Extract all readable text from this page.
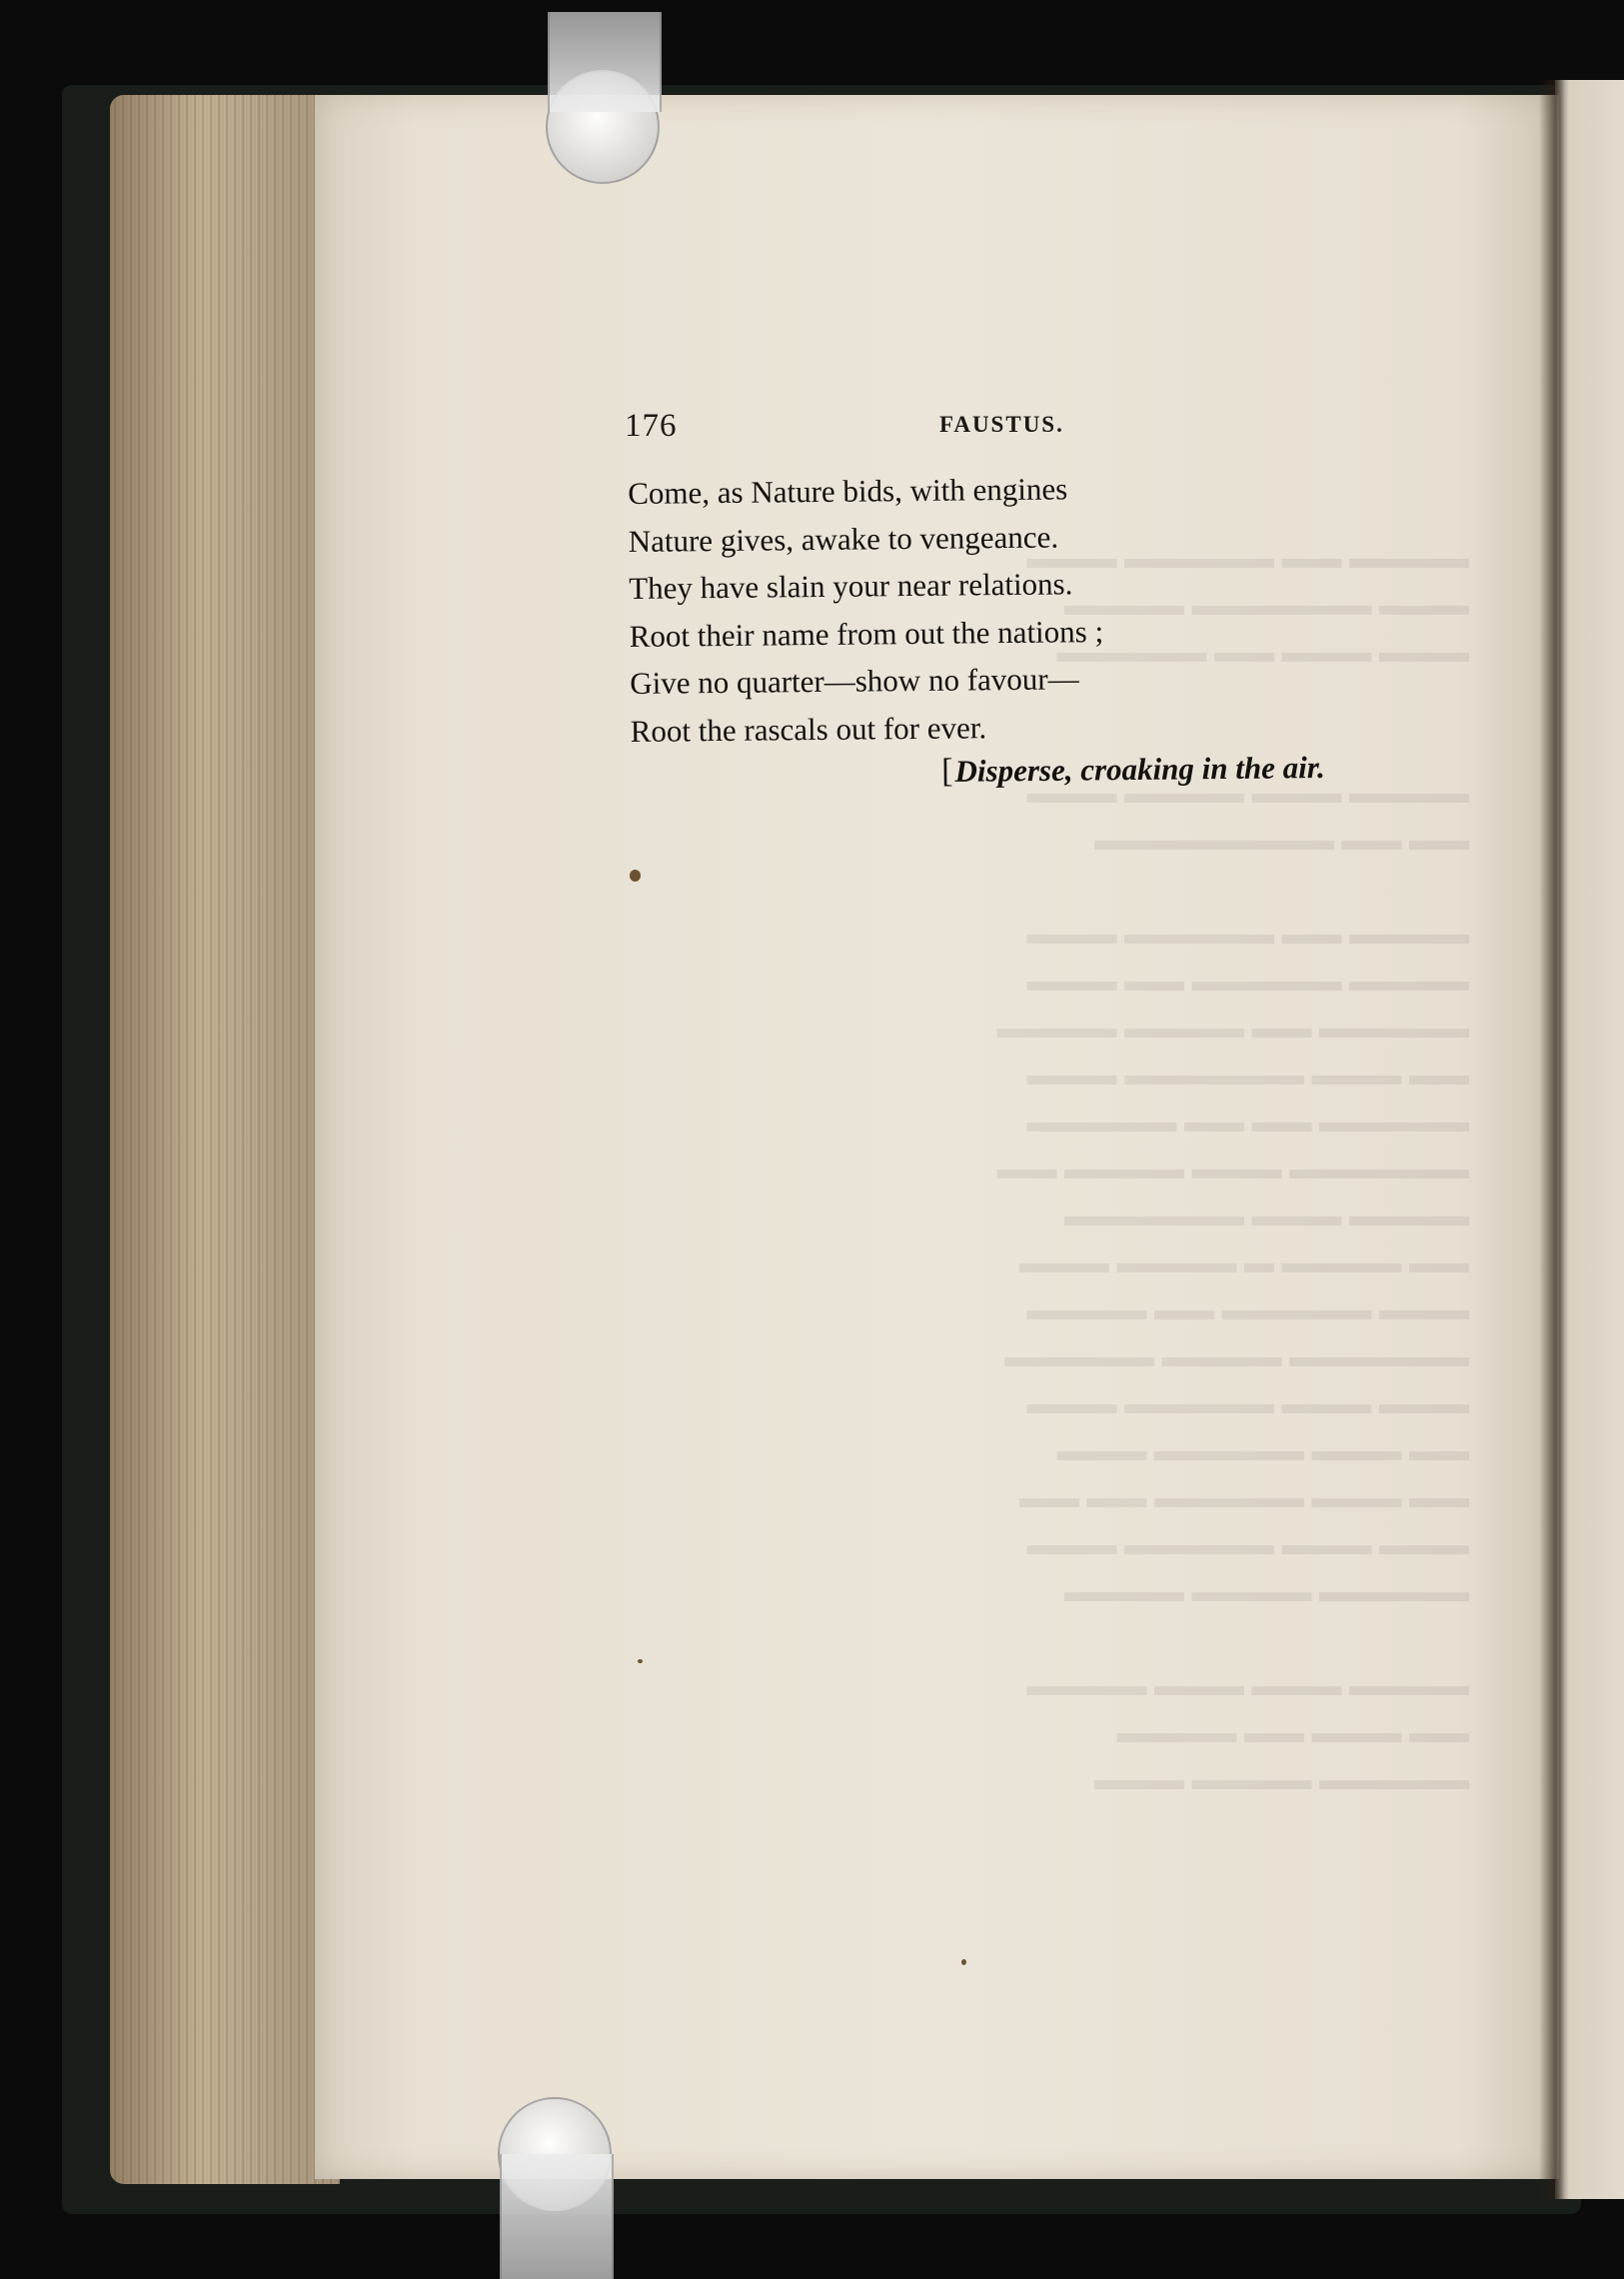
▬▬▬▬ ▬▬ ▬▬▬▬▬ ▬▬▬
▬▬▬ ▬▬▬▬▬▬ ▬▬▬▬
▬▬▬ ▬▬▬ ▬▬ ▬▬▬▬▬

▬▬▬▬ ▬▬▬ ▬▬▬▬ ▬▬▬
▬▬ ▬▬ ▬▬▬▬▬▬▬▬

▬▬▬▬ ▬▬ ▬▬▬▬▬ ▬▬▬
▬▬▬▬ ▬▬▬▬▬ ▬▬ ▬▬▬
▬▬▬▬▬ ▬▬ ▬▬▬▬ ▬▬▬▬
▬▬ ▬▬▬ ▬▬▬▬▬▬ ▬▬▬
▬▬▬▬▬ ▬▬ ▬▬ ▬▬▬▬▬
▬▬▬▬▬▬ ▬▬▬ ▬▬▬▬ ▬▬
▬▬▬▬ ▬▬▬ ▬▬▬▬▬▬
▬▬ ▬▬▬▬ ▬ ▬▬▬▬ ▬▬▬
▬▬▬ ▬▬▬▬▬ ▬▬ ▬▬▬▬
▬▬▬▬▬▬ ▬▬▬▬ ▬▬▬▬▬
▬▬▬ ▬▬▬ ▬▬▬▬▬ ▬▬▬
▬▬ ▬▬▬ ▬▬▬▬▬ ▬▬▬
▬▬ ▬▬▬ ▬▬▬▬▬ ▬▬ ▬▬
▬▬▬ ▬▬▬ ▬▬▬▬▬ ▬▬▬
▬▬▬▬▬ ▬▬▬▬ ▬▬▬▬

▬▬▬▬ ▬▬▬ ▬▬▬ ▬▬▬▬
▬▬ ▬▬▬ ▬▬ ▬▬▬▬
▬▬▬▬▬ ▬▬▬▬ ▬▬▬
176	FAUSTUS.
Come, as Nature bids, with engines
Nature gives, awake to vengeance.
They have slain your near relations.
Root their name from out the nations ;
Give no quarter—show no favour—
Root the rascals out for ever.
[Disperse, croaking in the air.
